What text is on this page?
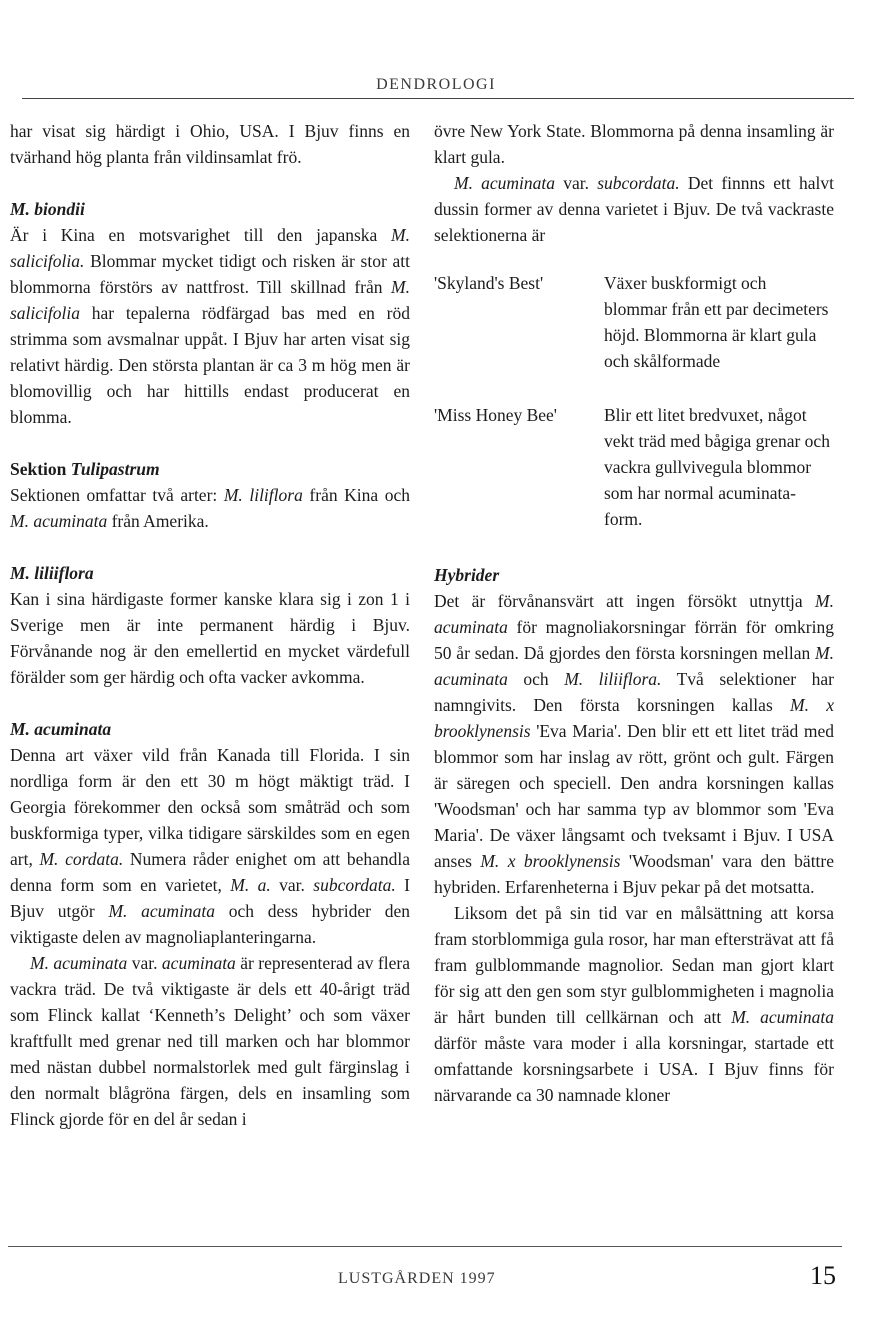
DENDROLOGI

har visat sig härdigt i Ohio, USA. I Bjuv finns en tvärhand hög planta från vildinsamlat frö.

M. biondii

Är i Kina en motsvarighet till den japanska M. salicifolia. Blommar mycket tidigt och risken är stor att blommorna förstörs av nattfrost. Till skillnad från M. salicifolia har tepalerna rödfärgad bas med en röd strimma som avsmalnar uppåt. I Bjuv har arten visat sig relativt härdig. Den största plantan är ca 3 m hög men är blomovillig och har hittills endast producerat en blomma.

Sektion Tulipastrum

Sektionen omfattar två arter: M. liliflora från Kina och M. acuminata från Amerika.

M. liliiflora

Kan i sina härdigaste former kanske klara sig i zon 1 i Sverige men är inte permanent härdig i Bjuv. Förvånande nog är den emellertid en mycket värdefull förälder som ger härdig och ofta vacker avkomma.

M. acuminata

Denna art växer vild från Kanada till Florida. I sin nordliga form är den ett 30 m högt mäktigt träd. I Georgia förekommer den också som småträd och som buskformiga typer, vilka tidigare särskildes som en egen art, M. cordata. Numera råder enighet om att behandla denna form som en varietet, M. a. var. subcordata. I Bjuv utgör M. acuminata och dess hybrider den viktigaste delen av magnoliaplanteringarna.

M. acuminata var. acuminata är representerad av flera vackra träd. De två viktigaste är dels ett 40-årigt träd som Flinck kallat ‘Kenneth’s Delight’ och som växer kraftfullt med grenar ned till marken och har blommor med nästan dubbel normalstorlek med gult färginslag i den normalt blågröna färgen, dels en insamling som Flinck gjorde för en del år sedan i

övre New York State. Blommorna på denna insamling är klart gula.

M. acuminata var. subcordata. Det finnns ett halvt dussin former av denna varietet i Bjuv. De två vackraste selektionerna är

'Skyland's Best'	Växer buskformigt och blommar från ett par decimeters höjd. Blommorna är klart gula och skålformade
'Miss Honey Bee'	Blir ett litet bredvuxet, något vekt träd med bågiga grenar och vackra gullvivegula blommor som har normal acuminata-form.
Hybrider

Det är förvånansvärt att ingen försökt utnyttja M. acuminata för magnoliakorsningar förrän för omkring 50 år sedan. Då gjordes den första korsningen mellan M. acuminata och M. liliiflora. Två selektioner har namngivits. Den första korsningen kallas M. x brooklynensis 'Eva Maria'. Den blir ett ett litet träd med blommor som har inslag av rött, grönt och gult. Färgen är säregen och speciell. Den andra korsningen kallas 'Woodsman' och har samma typ av blommor som 'Eva Maria'. De växer långsamt och tveksamt i Bjuv. I USA anses M. x brooklynensis 'Woodsman' vara den bättre hybriden. Erfarenheterna i Bjuv pekar på det motsatta.

Liksom det på sin tid var en målsättning att korsa fram storblommiga gula rosor, har man eftersträvat att få fram gulblommande magnolior. Sedan man gjort klart för sig att den gen som styr gulblommigheten i magnolia är hårt bunden till cellkärnan och att M. acuminata därför måste vara moder i alla korsningar, startade ett omfattande korsningsarbete i USA. I Bjuv finns för närvarande ca 30 namnade kloner

LUSTGÅRDEN 1997	15
